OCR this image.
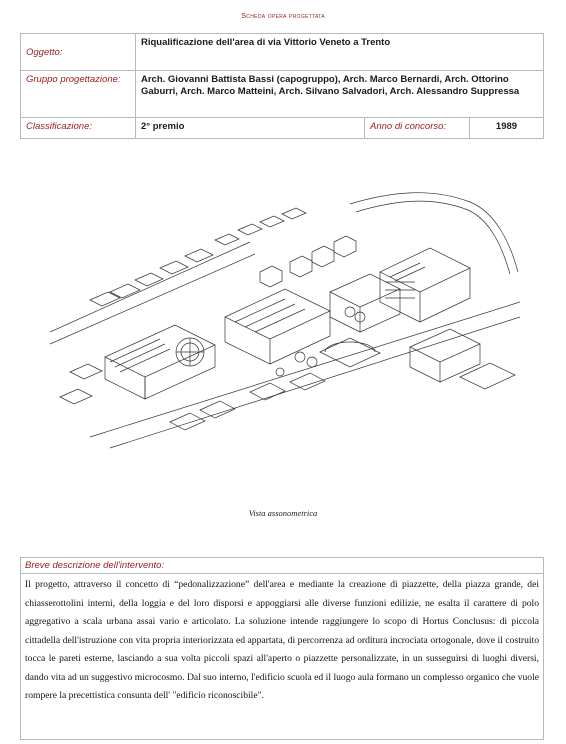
Scheda opera progettata
Oggetto:	Riqualificazione dell'area di via Vittorio Veneto a Trento		
Gruppo progettazione:	Arch. Giovanni Battista Bassi (capogruppo), Arch. Marco Bernardi, Arch. Ottorino Gaburri, Arch. Marco Matteini, Arch. Silvano Salvadori, Arch. Alessandro Suppressa		
Classificazione:	2° premio	Anno di concorso:	1989
Vista assonometrica
Breve descrizione dell'intervento:
Il progetto, attraverso il concetto di “pedonalizzazione” dell'area e mediante la creazione di piazzette, della piazza grande, dei chiasserottolini interni, della loggia e del loro disporsi e appoggiarsi alle diverse funzioni edilizie, ne esalta il carattere di polo aggregativo a scala urbana assai vario e articolato. La soluzione intende raggiungere lo scopo di Hortus Conclusus: di piccola cittadella dell'istruzione con vita propria interiorizzata ed appartata, di percorrenza ad orditura incrociata ortogonale, dove il costruito tocca le pareti esterne, lasciando a sua volta piccoli spazi all'aperto o piazzette personalizzate, in un susseguirsi di luoghi diversi, dando vita ad un suggestivo microcosmo. Dal suo interno, l'edificio scuola ed il luogo aula formano un complesso organico che vuole rompere la precettistica consunta dell' "edificio riconoscibile".
